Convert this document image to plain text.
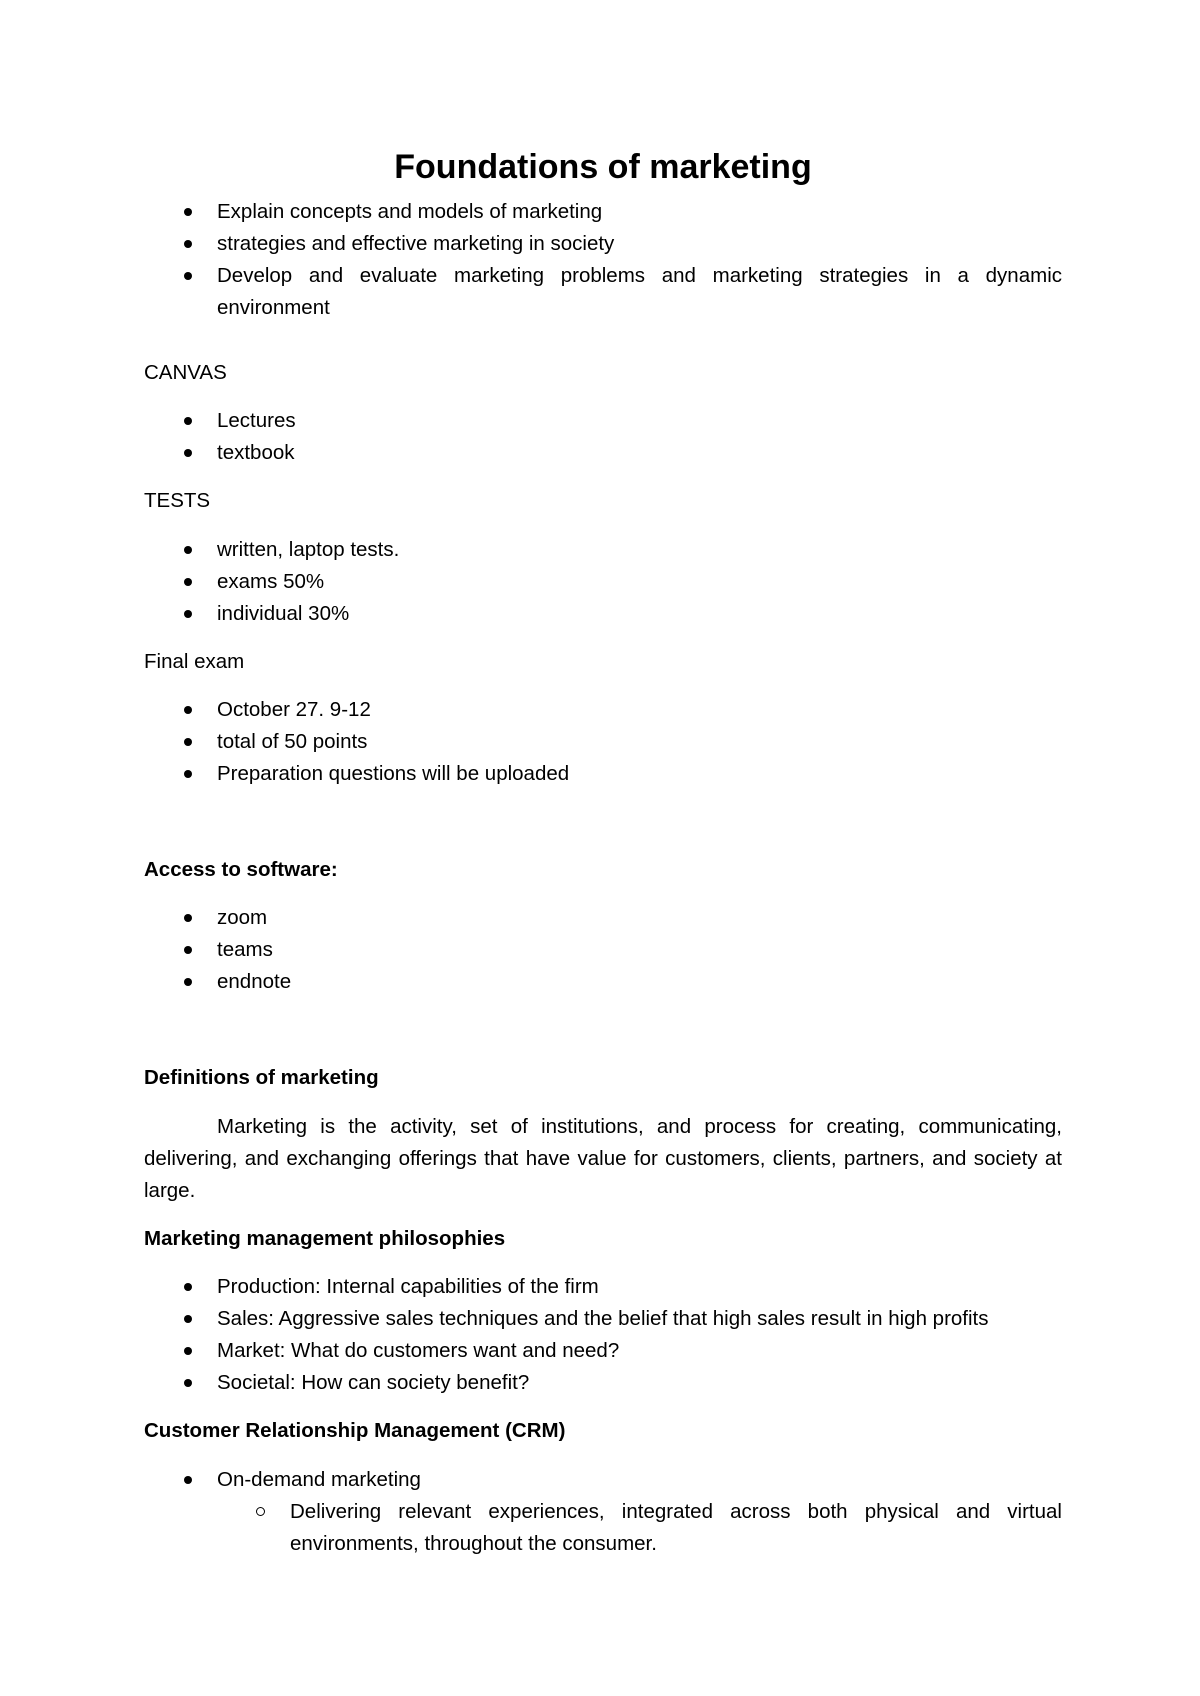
Foundations of marketing
Explain concepts and models of marketing
strategies and effective marketing in society
Develop and evaluate marketing problems and marketing strategies in a dynamic environment

CANVAS

Lectures
textbook

TESTS

written, laptop tests.
exams 50%
individual 30%

Final exam

October 27. 9-12
total of 50 points
Preparation questions will be uploaded

Access to software:

zoom
teams
endnote

Definitions of marketing

Marketing is the activity, set of institutions, and process for creating, communicating, delivering, and exchanging offerings that have value for customers, clients, partners, and society at large.

Marketing management philosophies

Production: Internal capabilities of the firm
Sales: Aggressive sales techniques and the belief that high sales result in high profits
Market: What do customers want and need?
Societal: How can society benefit?

Customer Relationship Management (CRM)

On-demand marketing
Delivering relevant experiences, integrated across both physical and virtual environments, throughout the consumer.
